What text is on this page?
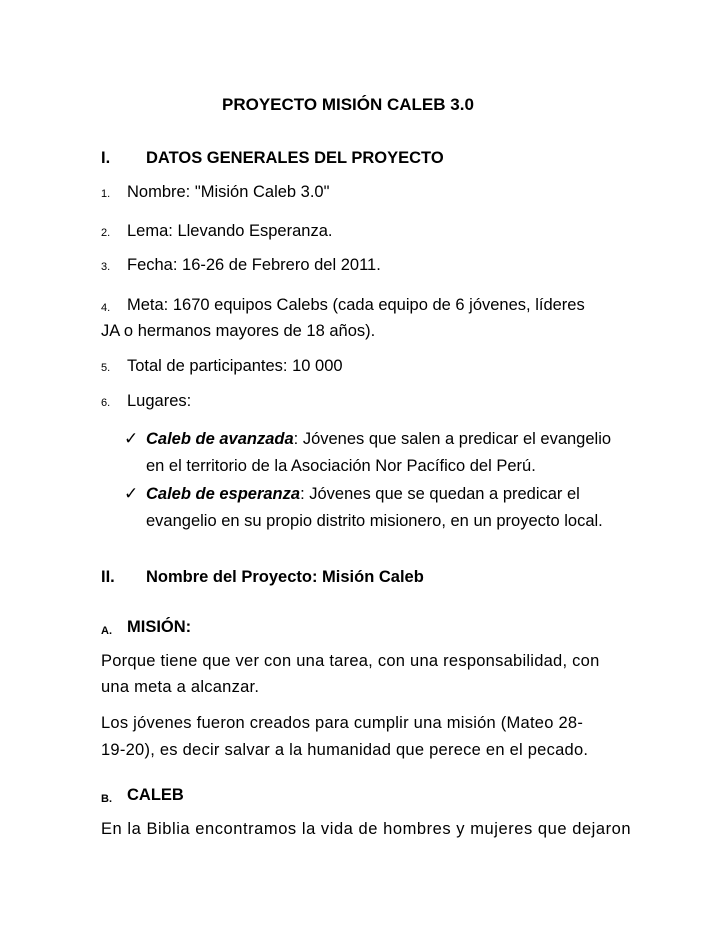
PROYECTO MISIÓN CALEB 3.0
I. DATOS GENERALES DEL PROYECTO
1. Nombre: "Misión Caleb 3.0"
2. Lema: Llevando Esperanza.
3. Fecha: 16-26 de Febrero del 2011.
4. Meta: 1670 equipos Calebs (cada equipo de 6 jóvenes, líderes
JA o hermanos mayores de 18 años).
5. Total de participantes: 10 000
6. Lugares:
✓ Caleb de avanzada: Jóvenes que salen a predicar el evangelio
en el territorio de la Asociación Nor Pacífico del Perú.
✓ Caleb de esperanza: Jóvenes que se quedan a predicar el
evangelio en su propio distrito misionero, en un proyecto local.
II. Nombre del Proyecto: Misión Caleb
A. MISIÓN:
Porque tiene que ver con una tarea, con una responsabilidad, con
una meta a alcanzar.
Los jóvenes fueron creados para cumplir una misión (Mateo 28-
19-20), es decir salvar a la humanidad que perece en el pecado.
B. CALEB
En la Biblia encontramos la vida de hombres y mujeres que dejaron
